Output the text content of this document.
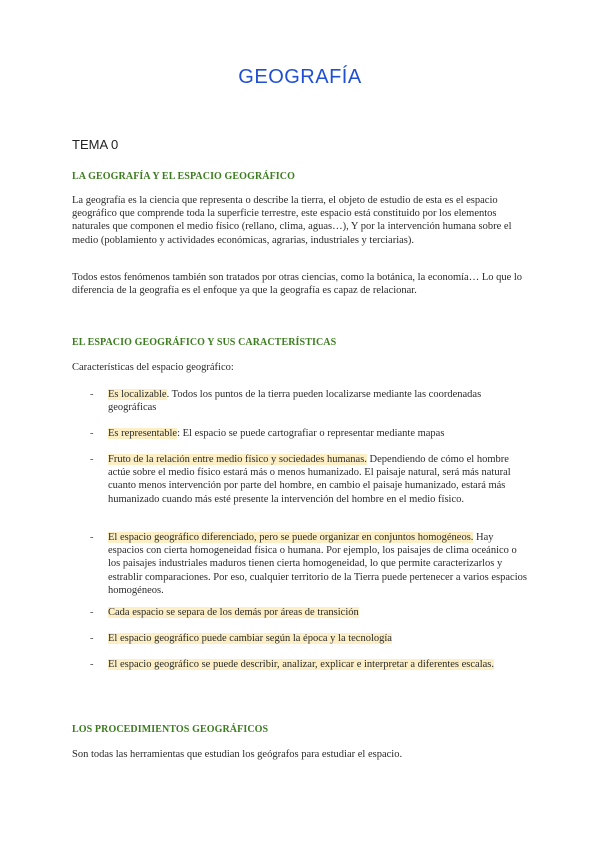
GEOGRAFÍA
TEMA 0
LA GEOGRAFÍA Y EL ESPACIO GEOGRÁFICO
La geografía es la ciencia que representa o describe la tierra, el objeto de estudio de esta es el espacio geográfico que comprende toda la superficie terrestre, este espacio está constituido por los elementos naturales que componen el medio físico (rellano, clima, aguas…), Y por la intervención humana sobre el medio (poblamiento y actividades económicas, agrarias, industriales y terciarias).
Todos estos fenómenos también son tratados por otras ciencias, como la botánica, la economía… Lo que lo diferencia de la geografía es el enfoque ya que la geografía es capaz de relacionar.
EL ESPACIO GEOGRÁFICO Y SUS CARACTERÍSTICAS
Características del espacio geográfico:
-	Es localizable. Todos los puntos de la tierra pueden localizarse mediante las coordenadas geográficas
-	Es representable: El espacio se puede cartografiar o representar mediante mapas
-	Fruto de la relación entre medio físico y sociedades humanas. Dependiendo de cómo el hombre actúe sobre el medio físico estará más o menos humanizado. El paisaje natural, será más natural cuanto menos intervención por parte del hombre, en cambio el paisaje humanizado, estará más humanizado cuando más esté presente la intervención del hombre en el medio físico.
-	El espacio geográfico diferenciado, pero se puede organizar en conjuntos homogéneos. Hay espacios con cierta homogeneidad física o humana. Por ejemplo, los paisajes de clima oceánico o los paisajes industriales maduros tienen cierta homogeneidad, lo que permite caracterizarlos y estrablir comparaciones. Por eso, cualquier territorio de la Tierra puede pertenecer a varios espacios homogéneos.
-	Cada espacio se separa de los demás por áreas de transición
-	El espacio geográfico puede cambiar según la época y la tecnología
-	El espacio geográfico se puede describir, analizar, explicar e interpretar a diferentes escalas.
LOS PROCEDIMIENTOS GEOGRÁFICOS
Son todas las herramientas que estudian los geógrafos para estudiar el espacio.
